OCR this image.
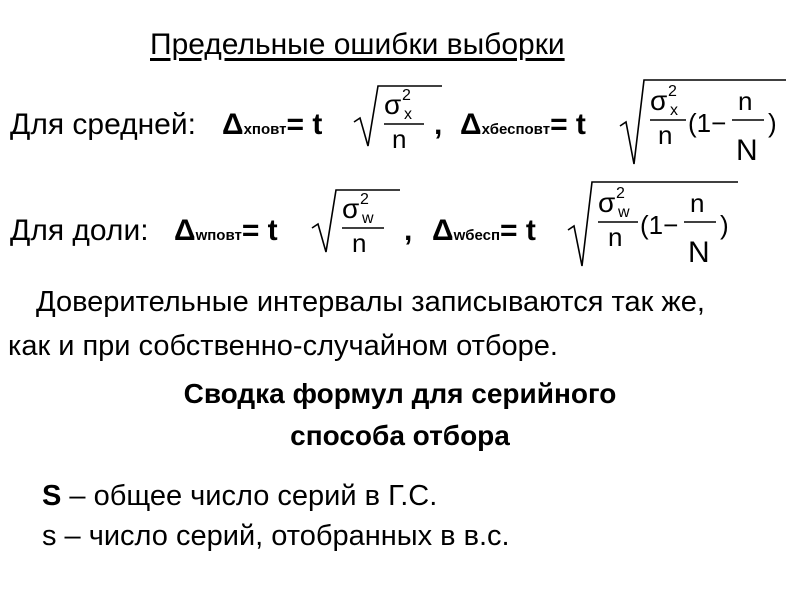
Предельные ошибки выборки
Для средней: Δхповт= t
σ 2
х
n , Δхбесповт= t
σ 2
х
n (1−
n
N
)
Для доли: Δwповт= t
σ 2
w
n , Δwбесп= t
σ 2
w
n (1−
n
N
)
Доверительные интервалы записываются так же,
как и при собственно-случайном отборе.
Сводка формул для серийного
способа отбора
S – общее число серий в Г.С.
s – число серий, отобранных в в.с.
